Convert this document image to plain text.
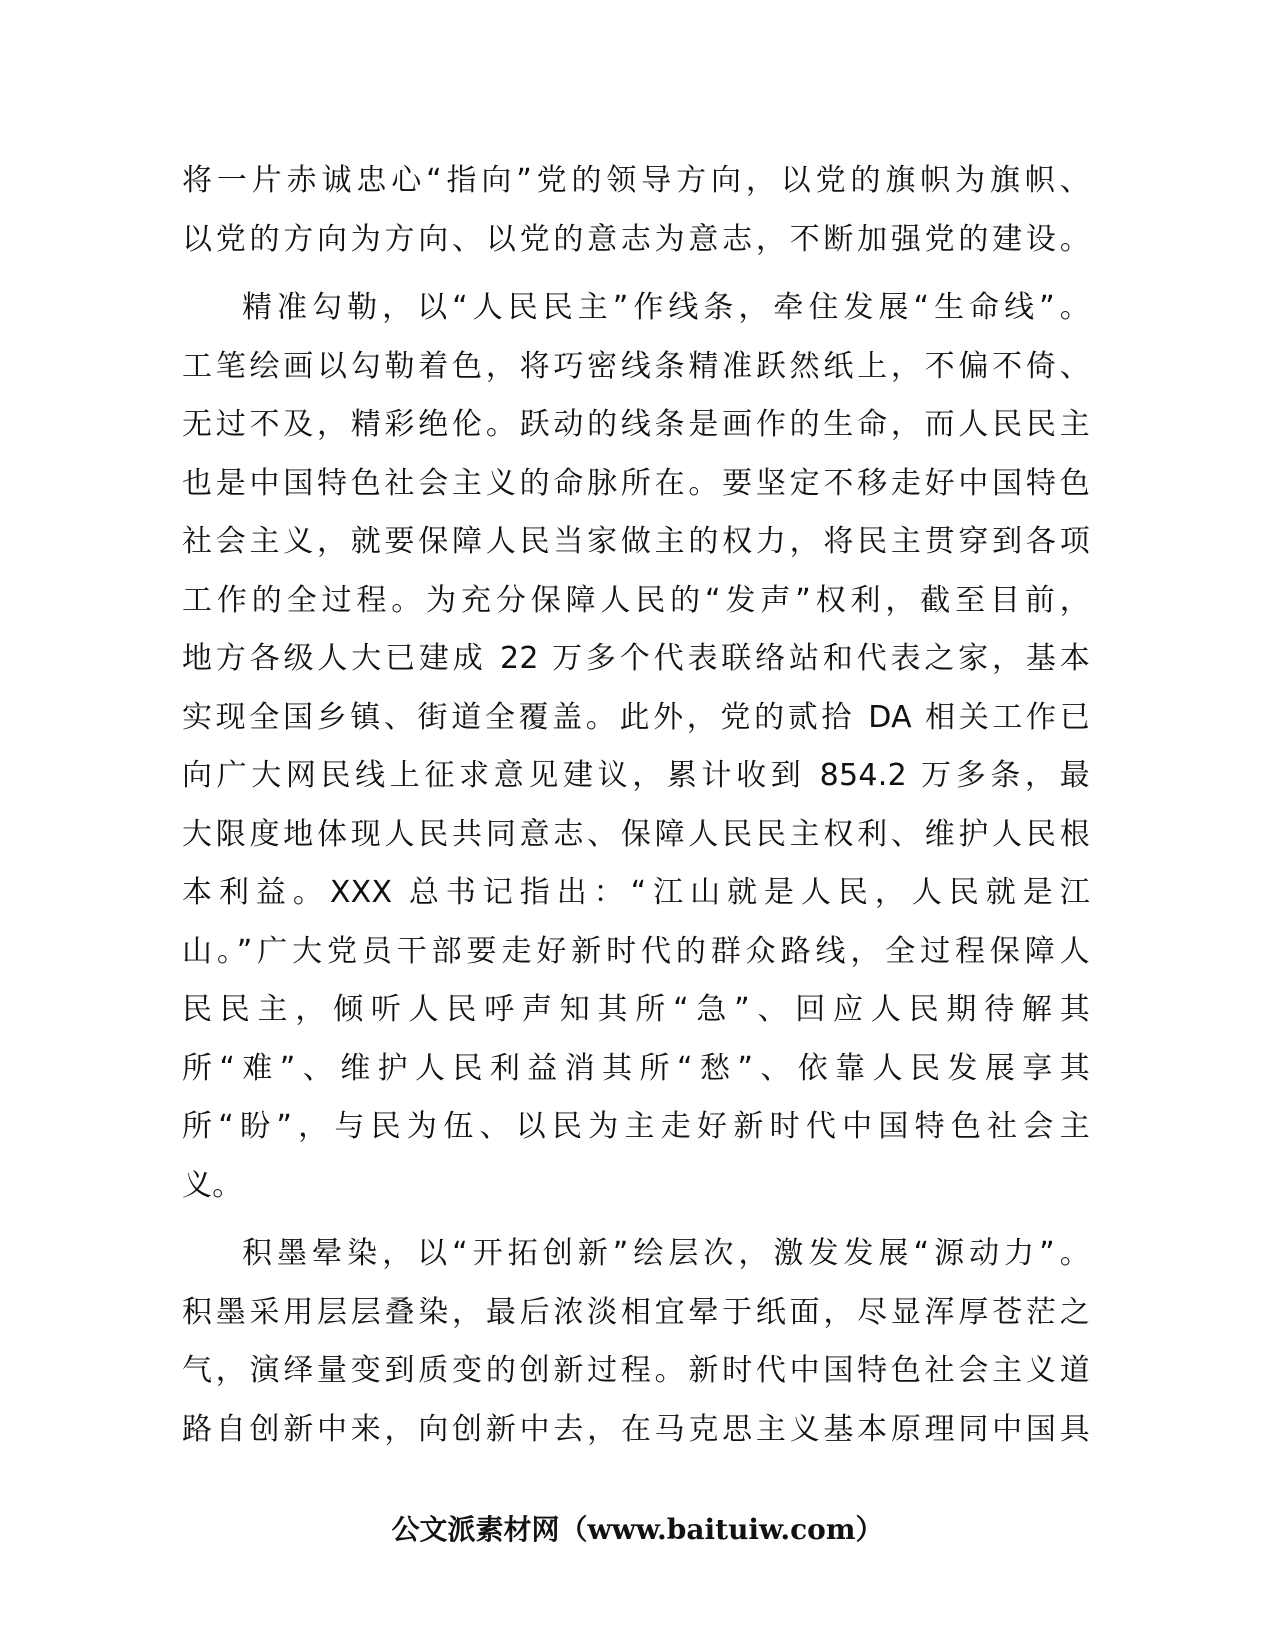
将一片赤诚忠心“指向”党的领导方向，以党的旗帜为旗帜、
以党的方向为方向、以党的意志为意志，不断加强党的建设。

精准勾勒，以“人民民主”作线条，牵住发展“生命线”。
工笔绘画以勾勒着色，将巧密线条精准跃然纸上，不偏不倚、
无过不及，精彩绝伦。跃动的线条是画作的生命，而人民民主
也是中国特色社会主义的命脉所在。要坚定不移走好中国特色
社会主义，就要保障人民当家做主的权力，将民主贯穿到各项
工作的全过程。为充分保障人民的“发声”权利，截至目前，
地方各级人大已建成 22 万多个代表联络站和代表之家，基本
实现全国乡镇、街道全覆盖。此外，党的贰拾 DA 相关工作已
向广大网民线上征求意见建议，累计收到 854.2 万多条，最
大限度地体现人民共同意志、保障人民民主权利、维护人民根
本利益。XXX 总书记指出：“江山就是人民，人民就是江
山。”广大党员干部要走好新时代的群众路线，全过程保障人
民民主，倾听人民呼声知其所“急”、回应人民期待解其
所“难”、维护人民利益消其所“愁”、依靠人民发展享其
所“盼”，与民为伍、以民为主走好新时代中国特色社会主
义。

积墨晕染，以“开拓创新”绘层次，激发发展“源动力”。
积墨采用层层叠染，最后浓淡相宜晕于纸面，尽显浑厚苍茫之
气，演绎量变到质变的创新过程。新时代中国特色社会主义道
路自创新中来，向创新中去，在马克思主义基本原理同中国具

公文派素材网（www.baituiw.com）
